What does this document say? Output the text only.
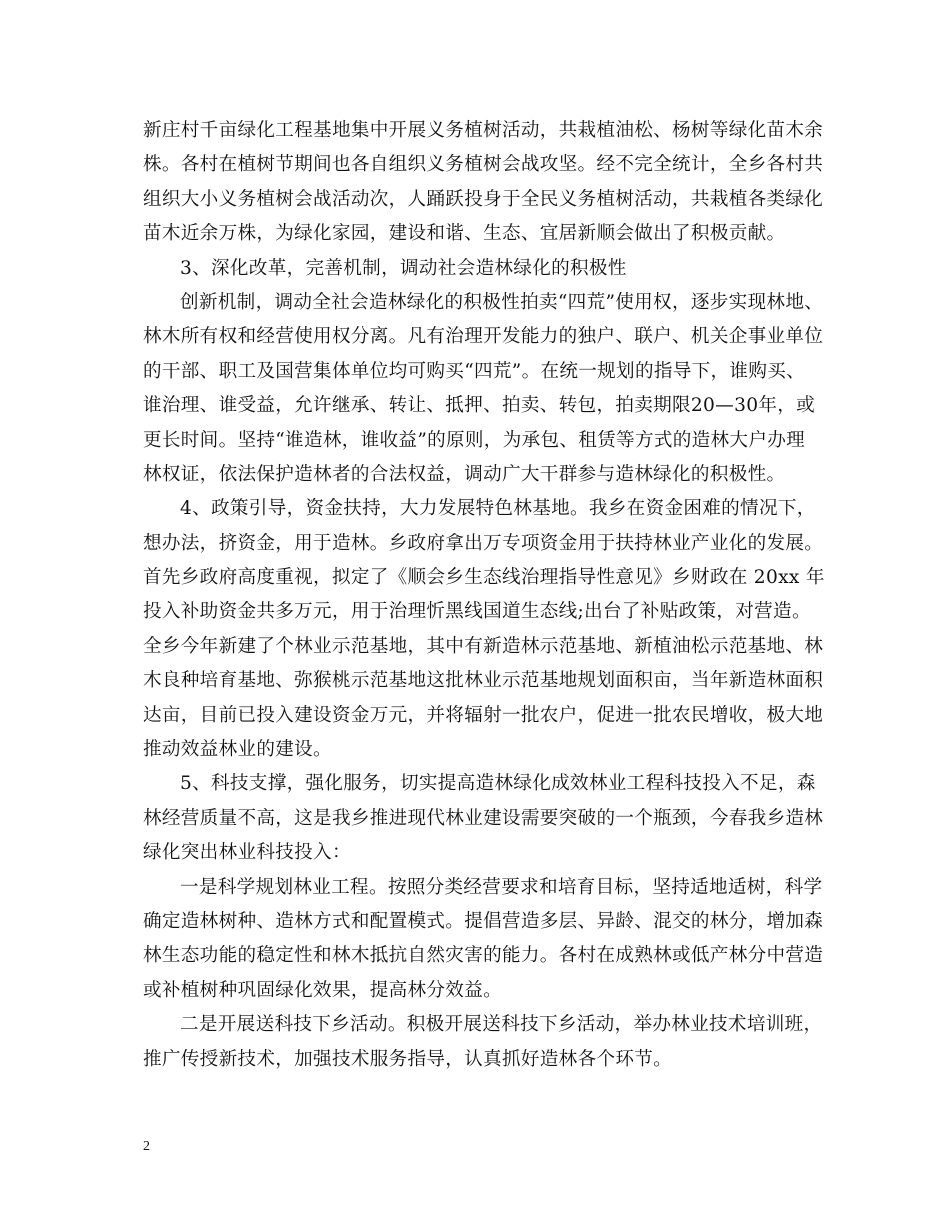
新庄村千亩绿化工程基地集中开展义务植树活动，共栽植油松、杨树等绿化苗木余
株。各村在植树节期间也各自组织义务植树会战攻坚。经不完全统计，全乡各村共
组织大小义务植树会战活动次，人踊跃投身于全民义务植树活动，共栽植各类绿化
苗木近余万株，为绿化家园，建设和谐、生态、宜居新顺会做出了积极贡献。
3、深化改革，完善机制，调动社会造林绿化的积极性
创新机制，调动全社会造林绿化的积极性拍卖“四荒”使用权，逐步实现林地、
林木所有权和经营使用权分离。凡有治理开发能力的独户、联户、机关企事业单位
的干部、职工及国营集体单位均可购买“四荒”。在统一规划的指导下，谁购买、
谁治理、谁受益，允许继承、转让、抵押、拍卖、转包，拍卖期限20—30年，或
更长时间。坚持“谁造林，谁收益”的原则，为承包、租赁等方式的造林大户办理
林权证，依法保护造林者的合法权益，调动广大干群参与造林绿化的积极性。
4、政策引导，资金扶持，大力发展特色林基地。我乡在资金困难的情况下，
想办法，挤资金，用于造林。乡政府拿出万专项资金用于扶持林业产业化的发展。
首先乡政府高度重视，拟定了《顺会乡生态线治理指导性意见》乡财政在 20xx 年
投入补助资金共多万元，用于治理忻黑线国道生态线;出台了补贴政策，对营造。
全乡今年新建了个林业示范基地，其中有新造林示范基地、新植油松示范基地、林
木良种培育基地、弥猴桃示范基地这批林业示范基地规划面积亩，当年新造林面积
达亩，目前已投入建设资金万元，并将辐射一批农户，促进一批农民增收，极大地
推动效益林业的建设。
5、科技支撑，强化服务，切实提高造林绿化成效林业工程科技投入不足，森
林经营质量不高，这是我乡推进现代林业建设需要突破的一个瓶颈，今春我乡造林
绿化突出林业科技投入：
一是科学规划林业工程。按照分类经营要求和培育目标，坚持适地适树，科学
确定造林树种、造林方式和配置模式。提倡营造多层、异龄、混交的林分，增加森
林生态功能的稳定性和林木抵抗自然灾害的能力。各村在成熟林或低产林分中营造
或补植树种巩固绿化效果，提高林分效益。
二是开展送科技下乡活动。积极开展送科技下乡活动，举办林业技术培训班，
推广传授新技术，加强技术服务指导，认真抓好造林各个环节。
2
